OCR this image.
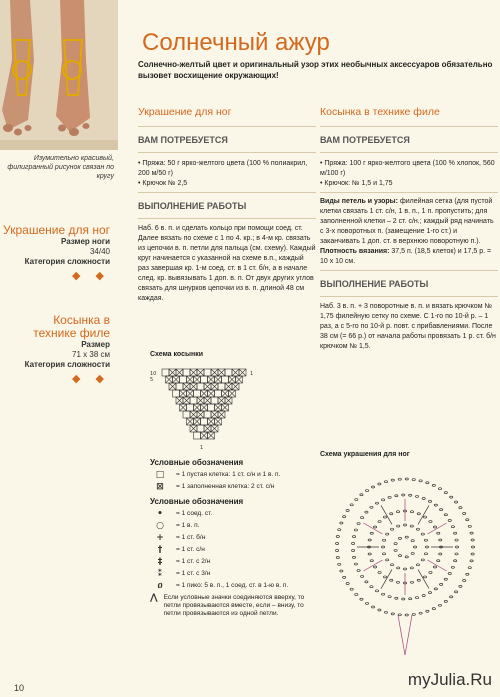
Изумительно красивый, филигранный рисунок связан по кругу
Украшение для ног
Размер ноги
34/40
Категория сложности
◆ ◆
Косынка в технике филе
Размер
71 x 38 см
Категория сложности
◆ ◆
10
Солнечный ажур
Солнечно-желтый цвет и оригинальный узор этих необычных аксессуаров обязательно вызовет восхищение окружающих!
Украшение для ног
ВАМ ПОТРЕБУЕТСЯ
• Пряжа: 50 г ярко-желтого цвета (100 % полиакрил, 200 м/50 г)
• Крючок № 2,5
ВЫПОЛНЕНИЕ РАБОТЫ
Наб. 6 в. п. и сделать кольцо при помощи соед. ст. Далее вязать по схеме с 1 по 4. кр.; в 4-м кр. связать из цепочки в. п. петли для пальца (см. схему). Каждый круг начинается с указанной на схеме в.п., каждый раз завершая кр. 1-м соед. ст. в 1 ст. б/н, а в начале след. кр. вывязывать 1 доп. в. п. От двух других углов связать для шнурков цепочки из в. п. длиной 48 см каждая.
Косынка в технике филе
ВАМ ПОТРЕБУЕТСЯ
• Пряжа: 100 г ярко-желтого цвета (100 % хлопок, 560 м/100 г)
• Крючок: № 1,5 и 1,75
Виды петель и узоры: филейная сетка (для пустой клетки связать 1 ст. с/н, 1 в. п., 1 п. пропустить; для заполненной клетки – 2 ст. с/н.; каждый ряд начинать с 3-х поворотных п. (замещение 1-го ст.) и заканчивать 1 доп. ст. в верхнюю поворотную п.).
Плотность вязания: 37,5 п. (18,5 клеток) и 17,5 р. = 10 х 10 см.
ВЫПОЛНЕНИЕ РАБОТЫ
Наб. 3 в. п. + 3 поворотные в. п. и вязать крючком № 1,75 филейную сетку по схеме. С 1-го по 10-й р. – 1 раз, а с 5-го по 10-й р. повт. с прибавлениями. После 38 см (= 66 р.) от начала работы провязать 1 р. ст. б/н крючком № 1,5.
Схема косынки
10
5
1
1
Условные обозначения
□	= 1 пустая клетка: 1 ст. с/н и 1 в. п.
⊠	= 1 заполненная клетка: 2 ст. с/н
Условные обозначения
•	= 1 соед. ст.
○	= 1 в. п.
+	= 1 ст. б/н
†	= 1 ст. с/н
‡	= 1 ст. с 2/н
⁑	= 1 ст. с 3/н
ዐ	= 1 пико: 5 в. п., 1 соед. ст. в 1-ю в. п.
⋀ Если условные значки соединяются вверху, то петли провязываются вместе, если – внизу, то петли провязываются из одной петли.
Схема украшения для ног
myJulia.Ru
